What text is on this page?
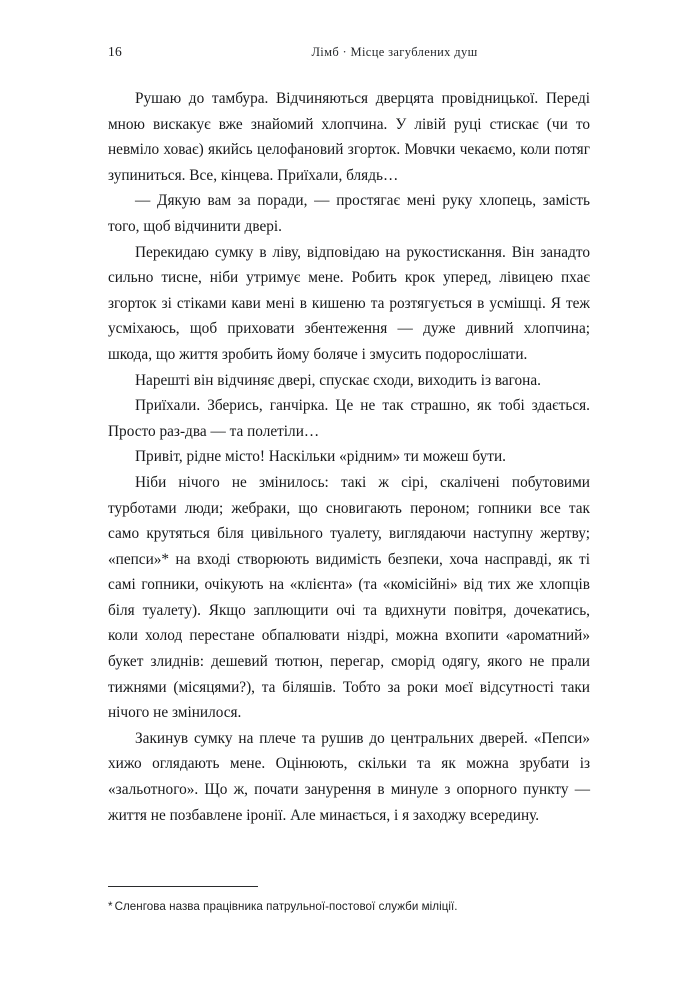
16	Лімб · Місце загублених душ

Рушаю до тамбура. Відчиняються дверцята провідницької. Переді мною вискакує вже знайомий хлопчина. У лівій руці стискає (чи то невміло ховає) якийсь целофановий згорток. Мовчки чекаємо, коли потяг зупиниться. Все, кінцева. Приїхали, блядь…

— Дякую вам за поради, — простягає мені руку хлопець, замість того, щоб відчинити двері.

Перекидаю сумку в ліву, відповідаю на рукостискання. Він занадто сильно тисне, ніби утримує мене. Робить крок уперед, лівицею пхає згорток зі стіками кави мені в кишеню та розтягується в усмішці. Я теж усміхаюсь, щоб приховати збентеження — дуже дивний хлопчина; шкода, що життя зробить йому боляче і змусить подорослішати.

Нарешті він відчиняє двері, спускає сходи, виходить із вагона.

Приїхали. Зберись, ганчірка. Це не так страшно, як тобі здається. Просто раз-два — та полетіли…

Привіт, рідне місто! Наскільки «рідним» ти можеш бути.

Ніби нічого не змінилось: такі ж сірі, скалічені побутовими турботами люди; жебраки, що сновигають пероном; гопники все так само крутяться біля цивільного туалету, виглядаючи наступну жертву; «пепси»* на вході створюють видимість безпеки, хоча насправді, як ті самі гопники, очікують на «клієнта» (та «комісійні» від тих же хлопців біля туалету). Якщо заплющити очі та вдихнути повітря, дочекатись, коли холод перестане обпалювати ніздрі, можна вхопити «ароматний» букет злиднів: дешевий тютюн, перегар, сморід одягу, якого не прали тижнями (місяцями?), та біляшів. Тобто за роки моєї відсутності таки нічого не змінилося.

Закинув сумку на плече та рушив до центральних дверей. «Пепси» хижо оглядають мене. Оцінюють, скільки та як можна зрубати із «зальотного». Що ж, почати занурення в минуле з опорного пункту — життя не позбавлене іронії. Але минається, і я заходжу всередину.

* Сленгова назва працівника патрульної-постової служби міліції.
